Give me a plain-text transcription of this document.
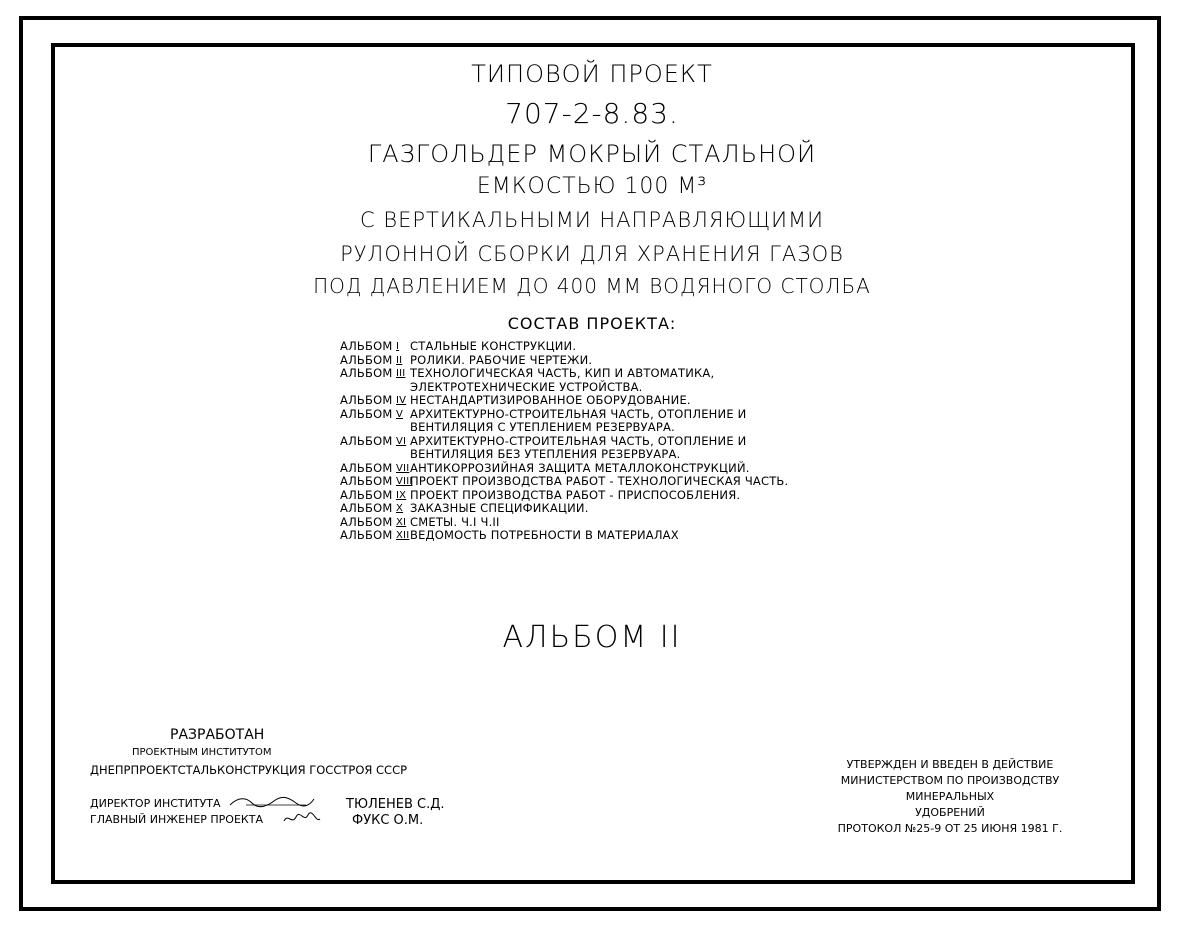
ТИПОВОЙ ПРОЕКТ
707-2-8.83.
ГАЗГОЛЬДЕР МОКРЫЙ СТАЛЬНОЙ
ЕМКОСТЬЮ 100 М³
С ВЕРТИКАЛЬНЫМИ НАПРАВЛЯЮЩИМИ
РУЛОННОЙ СБОРКИ ДЛЯ ХРАНЕНИЯ ГАЗОВ
ПОД ДАВЛЕНИЕМ ДО 400 ММ ВОДЯНОГО СТОЛБА
СОСТАВ ПРОЕКТА:
АЛЬБОМ I СТАЛЬНЫЕ КОНСТРУКЦИИ.
АЛЬБОМ II РОЛИКИ. РАБОЧИЕ ЧЕРТЕЖИ.
АЛЬБОМ III ТЕХНОЛОГИЧЕСКАЯ ЧАСТЬ, КИП И АВТОМАТИКА,
ЭЛЕКТРОТЕХНИЧЕСКИЕ УСТРОЙСТВА.
АЛЬБОМ IV НЕСТАНДАРТИЗИРОВАННОЕ ОБОРУДОВАНИЕ.
АЛЬБОМ V АРХИТЕКТУРНО-СТРОИТЕЛЬНАЯ ЧАСТЬ, ОТОПЛЕНИЕ И
ВЕНТИЛЯЦИЯ С УТЕПЛЕНИЕМ РЕЗЕРВУАРА.
АЛЬБОМ VI АРХИТЕКТУРНО-СТРОИТЕЛЬНАЯ ЧАСТЬ, ОТОПЛЕНИЕ И
ВЕНТИЛЯЦИЯ БЕЗ УТЕПЛЕНИЯ РЕЗЕРВУАРА.
АЛЬБОМ VII АНТИКОРРОЗИЙНАЯ ЗАЩИТА МЕТАЛЛОКОНСТРУКЦИЙ.
АЛЬБОМ VIII
ПРОЕКТ ПРОИЗВОДСТВА РАБОТ - ТЕХНОЛОГИЧЕСКАЯ ЧАСТЬ.
АЛЬБОМ IX ПРОЕКТ ПРОИЗВОДСТВА РАБОТ - ПРИСПОСОБЛЕНИЯ.
АЛЬБОМ X ЗАКАЗНЫЕ СПЕЦИФИКАЦИИ.
АЛЬБОМ XI СМЕТЫ. Ч.I Ч.II
АЛЬБОМ XII ВЕДОМОСТЬ ПОТРЕБНОСТИ В МАТЕРИАЛАХ
АЛЬБОМ II
РАЗРАБОТАН
ПРОЕКТНЫМ ИНСТИТУТОМ
ДНЕПРПРОЕКТСТАЛЬКОНСТРУКЦИЯ ГОССТРОЯ СССР
ДИРЕКТОР ИНСТИТУТА	ТЮЛЕНЕВ С.Д.
ГЛАВНЫЙ ИНЖЕНЕР ПРОЕКТА	ФУКС О.М.
УТВЕРЖДЕН И ВВЕДЕН В ДЕЙСТВИЕ
МИНИСТЕРСТВОМ ПО ПРОИЗВОДСТВУ МИНЕРАЛЬНЫХ
УДОБРЕНИЙ
ПРОТОКОЛ №25-9 ОТ 25 ИЮНЯ 1981 Г.
